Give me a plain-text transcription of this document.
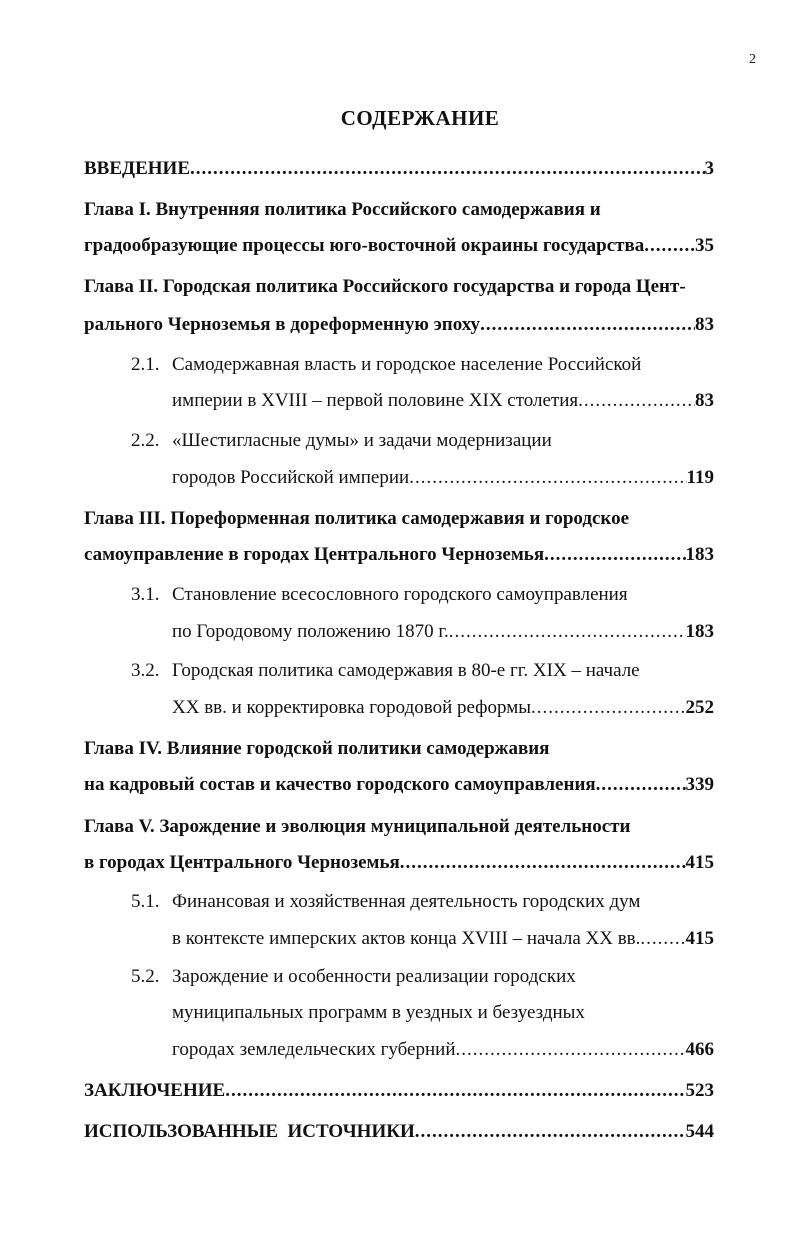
2
СОДЕРЖАНИЕ
ВВЕДЕНИЕ .....	3
Глава I. Внутренняя политика Российского самодержавия и
градообразующие процессы юго-восточной окраины государства .....	35
Глава II. Городская политика Российского государства и города Цент-
рального Черноземья в дореформенную эпоху .....	83
2.1. Самодержавная власть и городское население Российской
империи в XVIII – первой половине XIX столетия .....	83
2.2. «Шестигласные думы» и задачи модернизации
городов Российской империи .....	119
Глава III. Пореформенная политика самодержавия и городское
самоуправление в городах Центрального Черноземья .....	183
3.1. Становление всесословного городского самоуправления
по Городовому положению 1870 г. .....	183
3.2. Городская политика самодержавия в 80-е гг. XIX – начале
XX вв. и корректировка городовой реформы .....	252
Глава IV. Влияние городской политики самодержавия
на кадровый состав и качество городского самоуправления .....	339
Глава V. Зарождение и эволюция муниципальной деятельности
в городах Центрального Черноземья .....	415
5.1. Финансовая и хозяйственная деятельность городских дум
в контексте имперских актов конца XVIII – начала XX вв. ..... 415
5.2. Зарождение и особенности реализации городских
муниципальных программ в уездных и безуездных
городах земледельческих губерний .....	466
ЗАКЛЮЧЕНИЕ .....	523
ИСПОЛЬЗОВАННЫЕ  ИСТОЧНИКИ .....	544
